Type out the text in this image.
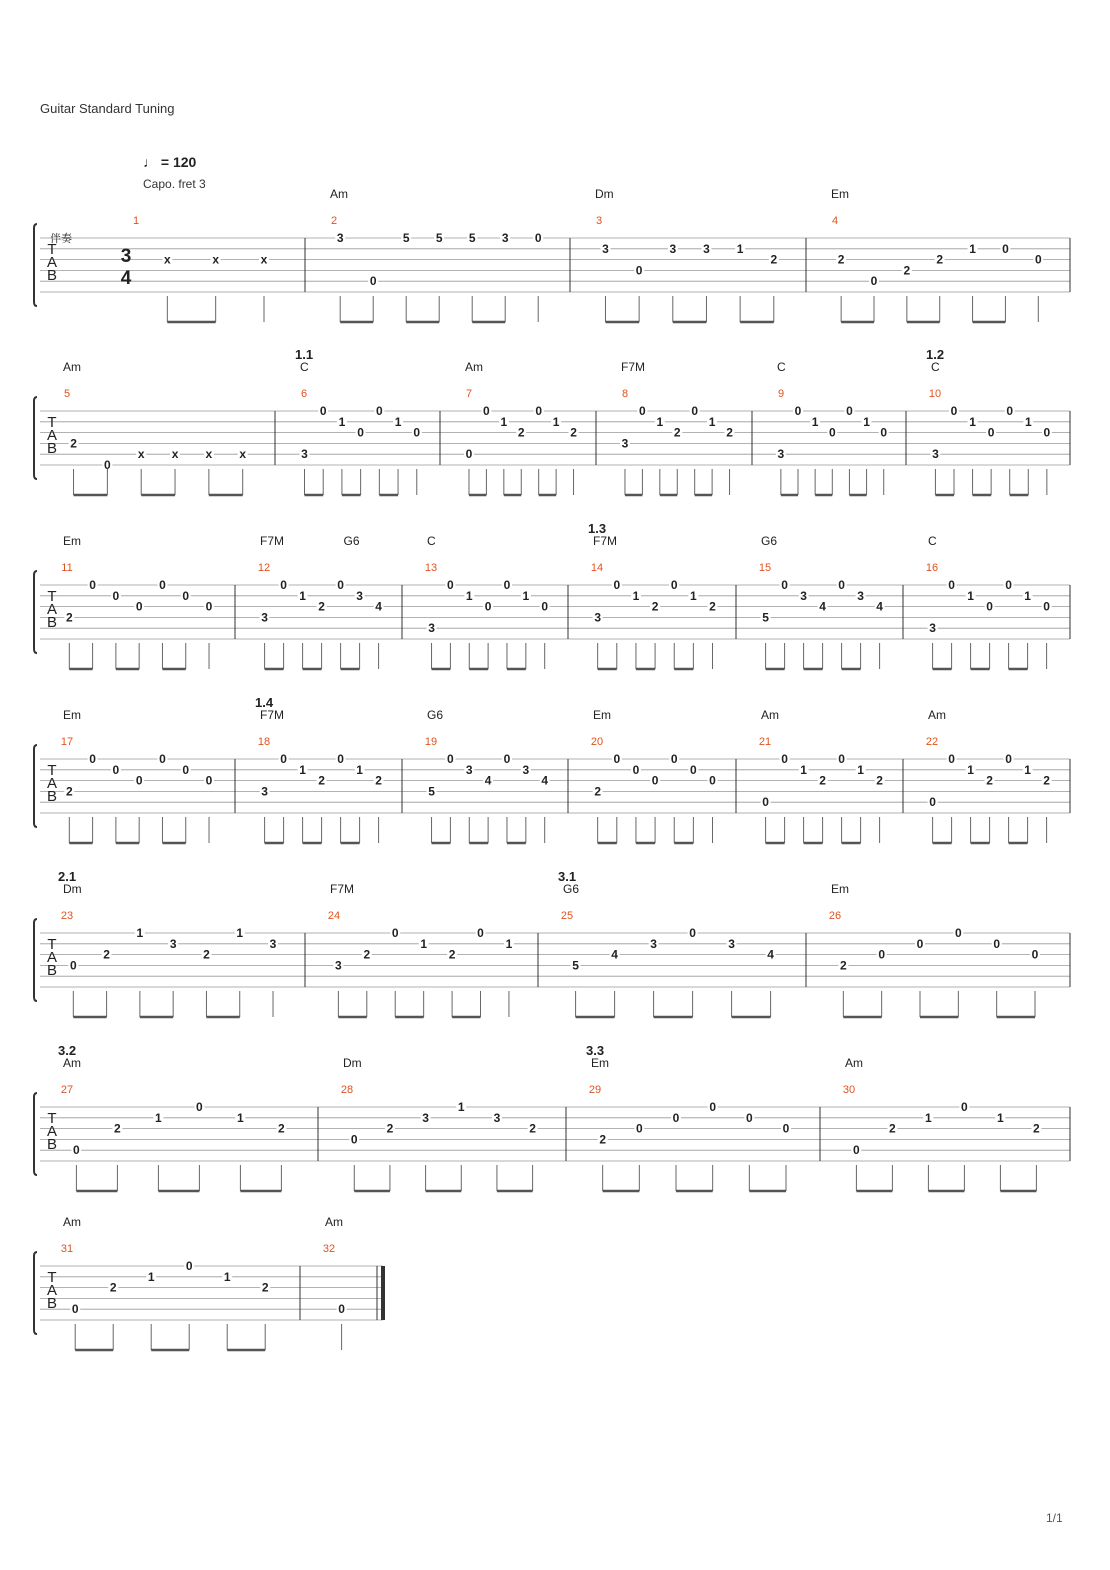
Guitar Standard Tuning
♩ = 120
Capo. fret 3
伴奏
1/1
T
A
B
3
4
1
x	x	x
2
Am
3
0
5 5 5 3 0
3
Dm
3
0
3 3 1
2
4
Em
2
0
2
2
1 0
0
T
A
B
5
Am
2
0
x x x x
6
1.1
C
3
0
1
0
0
1
0
7
Am
0
0
1
2
0
1
2
8
F7M
3
0
1
2
0
1
2
9
C
3
0
1
0
0
1
0
10
1.2
C
3
0
1
0
0
1
0
T
A
B
11
Em
2
0
0
0
0
0
0
12
F7M	G6
3
0
1
2
0
3
4
13
C
3
0
1
0
0
1
0
14
1.3
F7M
3
0
1
2
0
1
2
15
G6
5
0
3
4
0
3
4
16
C
3
0
1
0
0
1
0
T
A
B
17
Em
2
0
0
0
0
0
0
18
1.4
F7M
3
0
1
2
0
1
2
19
G6
5
0
3
4
0
3
4
20
Em
2
0
0
0
0
0
0
21
Am
0
0
1
2
0
1
2
22
Am
0
0
1
2
0
1
2
T
A
B
23
2.1
Dm
0
2
1
3
2
1
3
24
F7M
3
2
0
1
2
0
1
25
3.1
G6
5
4
3
0
3
4
26
Em
2
0
0
0
0
0
T
A
B
27
3.2
Am
0
2
1
0
1
2
28
Dm
0
2
3
1
3
2
29
3.3
Em
2
0
0
0
0
0
30
Am
0
2
1
0
1
2
T
A
B
31
Am
0
2
1
0
1
2
32
Am
0
